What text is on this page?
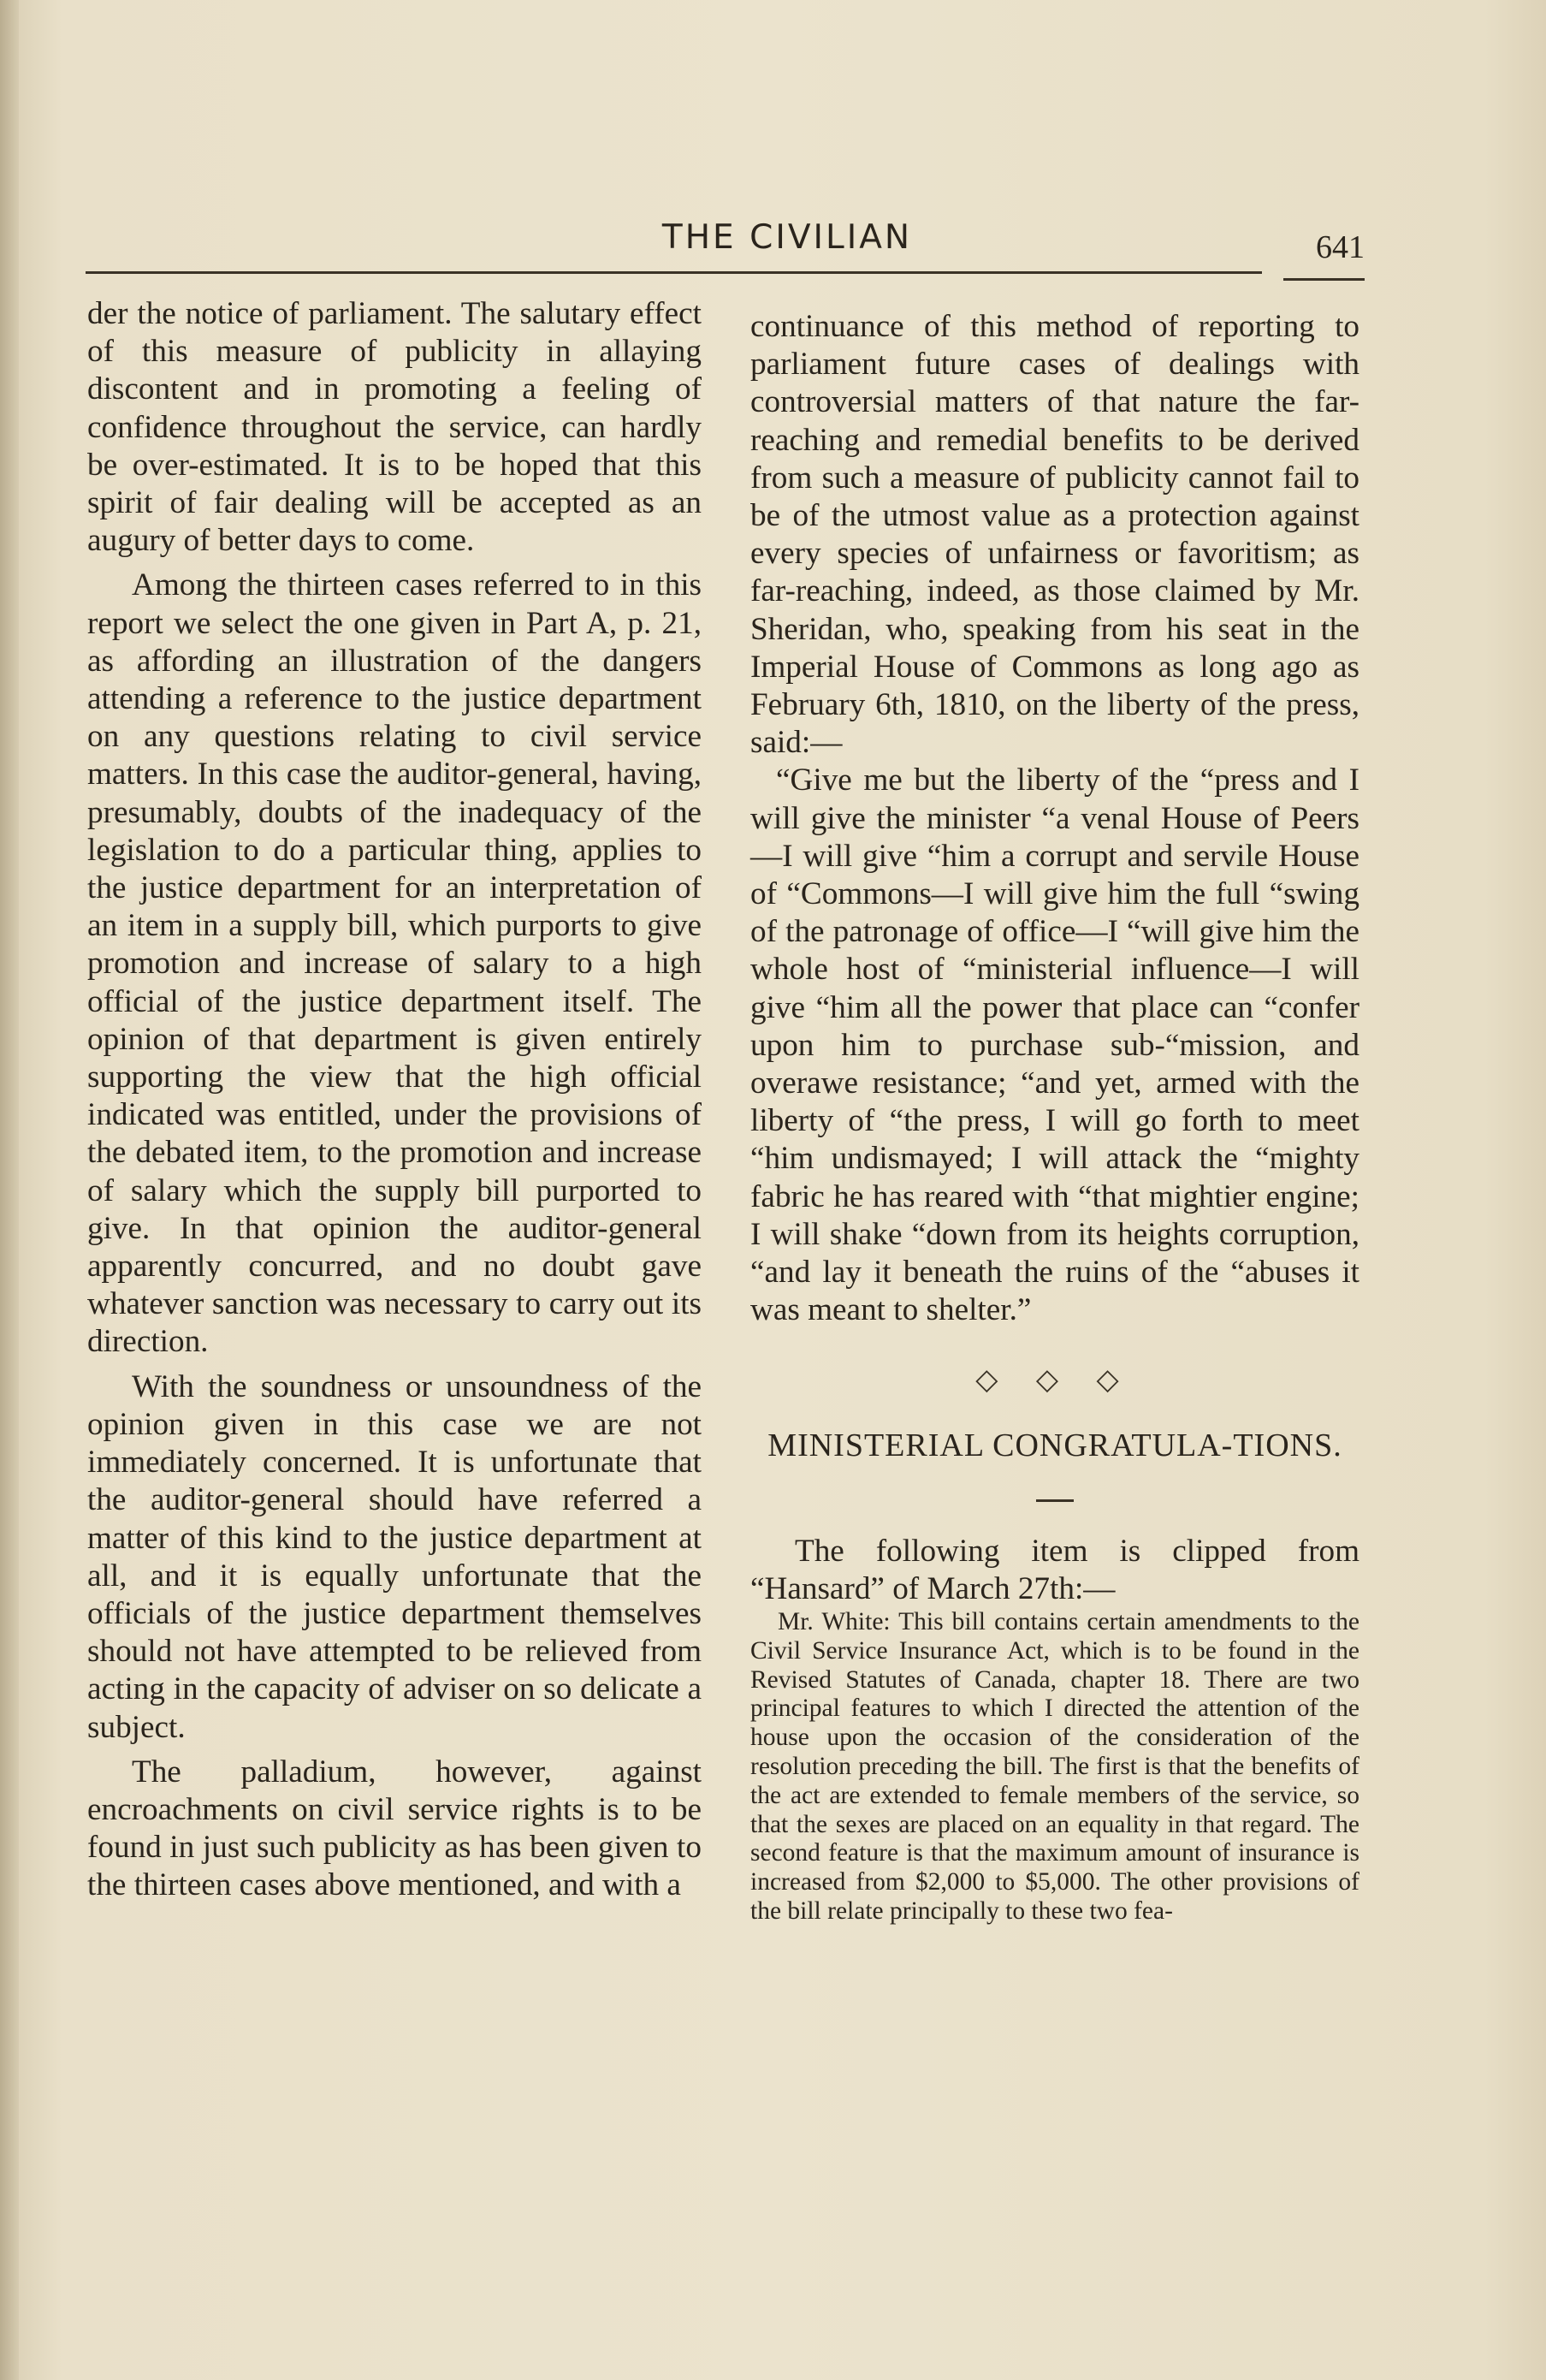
THE CIVILIAN	641

der the notice of parliament. The salutary effect of this measure of publicity in allaying discontent and in promoting a feeling of confidence throughout the service, can hardly be over-estimated. It is to be hoped that this spirit of fair dealing will be accepted as an augury of better days to come.

Among the thirteen cases referred to in this report we select the one given in Part A, p. 21, as affording an illustration of the dangers attending a reference to the justice department on any questions relating to civil service matters. In this case the auditor-general, having, presumably, doubts of the inadequacy of the legislation to do a particular thing, applies to the justice department for an interpretation of an item in a supply bill, which purports to give promotion and increase of salary to a high official of the justice department itself. The opinion of that department is given entirely supporting the view that the high official indicated was entitled, under the provisions of the debated item, to the promotion and increase of salary which the supply bill purported to give. In that opinion the auditor-general apparently concurred, and no doubt gave whatever sanction was necessary to carry out its direction.

With the soundness or unsoundness of the opinion given in this case we are not immediately concerned. It is unfortunate that the auditor-general should have referred a matter of this kind to the justice department at all, and it is equally unfortunate that the officials of the justice department themselves should not have attempted to be relieved from acting in the capacity of adviser on so delicate a subject.

The palladium, however, against encroachments on civil service rights is to be found in just such publicity as has been given to the thirteen cases above mentioned, and with a

continuance of this method of reporting to parliament future cases of dealings with controversial matters of that nature the far-reaching and remedial benefits to be derived from such a measure of publicity cannot fail to be of the utmost value as a protection against every species of unfairness or favoritism; as far-reaching, indeed, as those claimed by Mr. Sheridan, who, speaking from his seat in the Imperial House of Commons as long ago as February 6th, 1810, on the liberty of the press, said:—

“Give me but the liberty of the “press and I will give the minister “a venal House of Peers—I will give “him a corrupt and servile House of “Commons—I will give him the full “swing of the patronage of office—I “will give him the whole host of “ministerial influence—I will give “him all the power that place can “confer upon him to purchase sub-“mission, and overawe resistance; “and yet, armed with the liberty of “the press, I will go forth to meet “him undismayed; I will attack the “mighty fabric he has reared with “that mightier engine; I will shake “down from its heights corruption, “and lay it beneath the ruins of the “abuses it was meant to shelter.”

◇ ◇ ◇

MINISTERIAL CONGRATULA-TIONS.

The following item is clipped from “Hansard” of March 27th:—

Mr. White: This bill contains certain amendments to the Civil Service Insurance Act, which is to be found in the Revised Statutes of Canada, chapter 18. There are two principal features to which I directed the attention of the house upon the occasion of the consideration of the resolution preceding the bill. The first is that the benefits of the act are extended to female members of the service, so that the sexes are placed on an equality in that regard. The second feature is that the maximum amount of insurance is increased from $2,000 to $5,000. The other provisions of the bill relate principally to these two fea-
